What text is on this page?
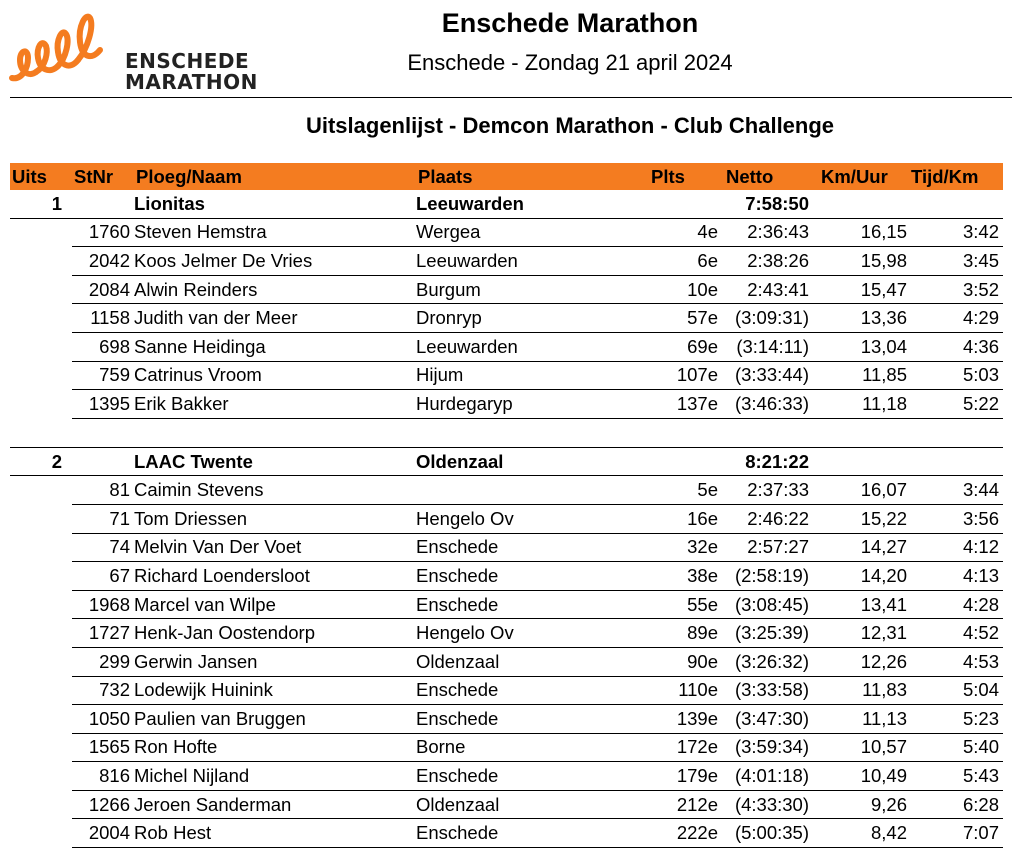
ENSCHEDE
MARATHON
Enschede Marathon
Enschede - Zondag 21 april 2024
Uitslagenlijst - Demcon Marathon - Club Challenge
Uits	StNr	Ploeg/Naam	Plaats	Plts	Netto	Km/Uur	Tijd/Km
1		Lionitas	Leeuwarden		7:58:50		
	1760	Steven Hemstra	Wergea	4e	2:36:43	16,15	3:42
	2042	Koos Jelmer De Vries	Leeuwarden	6e	2:38:26	15,98	3:45
	2084	Alwin Reinders	Burgum	10e	2:43:41	15,47	3:52
	1158	Judith van der Meer	Dronryp	57e	(3:09:31)	13,36	4:29
	698	Sanne Heidinga	Leeuwarden	69e	(3:14:11)	13,04	4:36
	759	Catrinus Vroom	Hijum	107e	(3:33:44)	11,85	5:03
	1395	Erik Bakker	Hurdegaryp	137e	(3:46:33)	11,18	5:22

2		LAAC Twente	Oldenzaal		8:21:22		
	81	Caimin Stevens		5e	2:37:33	16,07	3:44
	71	Tom Driessen	Hengelo Ov	16e	2:46:22	15,22	3:56
	74	Melvin Van Der Voet	Enschede	32e	2:57:27	14,27	4:12
	67	Richard Loendersloot	Enschede	38e	(2:58:19)	14,20	4:13
	1968	Marcel van Wilpe	Enschede	55e	(3:08:45)	13,41	4:28
	1727	Henk-Jan Oostendorp	Hengelo Ov	89e	(3:25:39)	12,31	4:52
	299	Gerwin Jansen	Oldenzaal	90e	(3:26:32)	12,26	4:53
	732	Lodewijk Huinink	Enschede	110e	(3:33:58)	11,83	5:04
	1050	Paulien van Bruggen	Enschede	139e	(3:47:30)	11,13	5:23
	1565	Ron Hofte	Borne	172e	(3:59:34)	10,57	5:40
	816	Michel Nijland	Enschede	179e	(4:01:18)	10,49	5:43
	1266	Jeroen Sanderman	Oldenzaal	212e	(4:33:30)	9,26	6:28
	2004	Rob Hest	Enschede	222e	(5:00:35)	8,42	7:07
